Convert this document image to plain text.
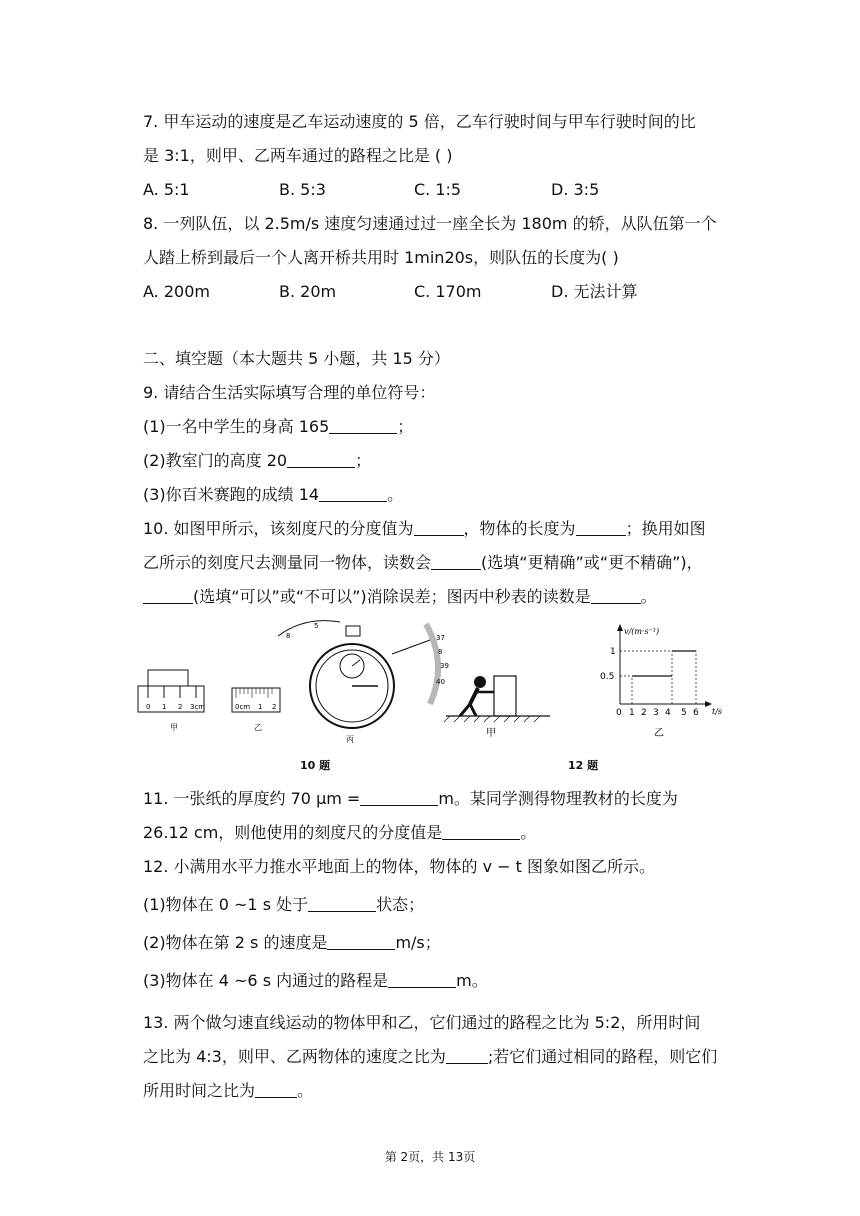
7. 甲车运动的速度是乙车运动速度的 5 倍，乙车行驶时间与甲车行驶时间的比
是 3:1，则甲、乙两车通过的路程之比是 ( )
A. 5:1	B. 5:3	C. 1:5	D. 3:5
8. 一列队伍，以 2.5m/s 速度匀速通过过一座全长为 180m 的轿，从队伍第一个
人踏上桥到最后一个人离开桥共用时 1min20s，则队伍的长度为( )
A. 200m	B. 20m	C. 170m	D. 无法计算
二、填空题（本大题共 5 小题，共 15 分）
9. 请结合生活实际填写合理的单位符号：
(1)一名中学生的身高 165	；
(2)教室门的高度 20	；
(3)你百米赛跑的成绩 14	。
10. 如图甲所示，该刻度尺的分度值为	，物体的长度为	；换用如图
乙所示的刻度尺去测量同一物体，读数会	(选填“更精确”或“更不精确”)，
(选填“可以”或“不可以”)消除误差；图丙中秒表的读数是	。
0 1 2 3cm
甲
0cm 1 2
乙
8
5
37
8
39
40
丙
甲
v/(m·s⁻¹)
t/s
1
0.5
0 1 2 3 4 5 6
乙
10 题	12 题
11. 一张纸的厚度约 70 μm =	m。某同学测得物理教材的长度为
26.12 cm，则他使用的刻度尺的分度值是	。
12. 小满用水平力推水平地面上的物体，物体的 v − t 图象如图乙所示。
(1)物体在 0 ~1 s 处于	状态；
(2)物体在第 2 s 的速度是	m/s；
(3)物体在 4 ~6 s 内通过的路程是	m。
13. 两个做匀速直线运动的物体甲和乙，它们通过的路程之比为 5:2，所用时间
之比为 4:3，则甲、乙两物体的速度之比为	;若它们通过相同的路程，则它们
所用时间之比为	。
第 2页，共 13页
